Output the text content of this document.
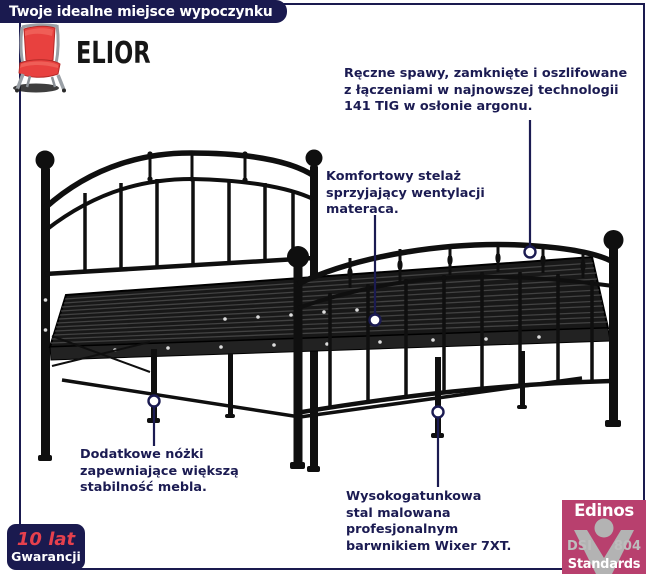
Twoje idealne miejsce wypoczynku
ELIOR
Ręczne spawy, zamknięte i oszlifowane
z łączeniami w najnowszej technologii
141 TIG w osłonie argonu.
Komfortowy stelaż
sprzyjający wentylacji
materaca.
Dodatkowe nóżki
zapewniające większą
stabilność mebla.
Wysokogatunkowa
stal malowana
profesjonalnym
barwnikiem Wixer 7XT.
10 lat
Gwarancji
Edinos
DSI 804
Standards
